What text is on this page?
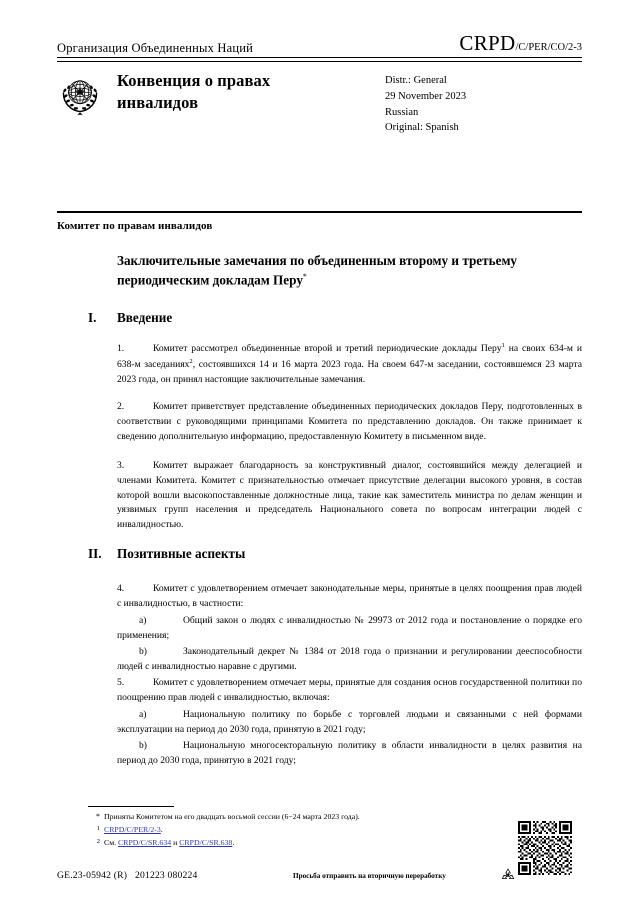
Организация Объединенных Наций	CRPD /C/PER/CO/2-3
Конвенция о правах инвалидов
Distr.: General
29 November 2023
Russian
Original: Spanish
Комитет по правам инвалидов
Заключительные замечания по объединенным второму и третьему периодическим докладам Перу*
I.	Введение
1.	Комитет рассмотрел объединенные второй и третий периодические доклады Перу$^1$ на своих 634-м и 638-м заседаниях$^2$, состоявшихся 14 и 16 марта 2023 года. На своем 647-м заседании, состоявшемся 23 марта 2023 года, он принял настоящие заключительные замечания.
2.	Комитет приветствует представление объединенных периодических докладов Перу, подготовленных в соответствии с руководящими принципами Комитета по представлению докладов. Он также принимает к сведению дополнительную информацию, предоставленную Комитету в письменном виде.
3.	Комитет выражает благодарность за конструктивный диалог, состоявшийся между делегацией и членами Комитета. Комитет с признательностью отмечает присутствие делегации высокого уровня, в состав которой вошли высокопоставленные должностные лица, такие как заместитель министра по делам женщин и уязвимых групп населения и председатель Национального совета по вопросам интеграции людей с инвалидностью.
II.	Позитивные аспекты
4.	Комитет с удовлетворением отмечает законодательные меры, принятые в целях поощрения прав людей с инвалидностью, в частности:
a)	Общий закон о людях с инвалидностью № 29973 от 2012 года и постановление о порядке его применения;
b)	Законодательный декрет № 1384 от 2018 года о признании и регулировании дееспособности людей с инвалидностью наравне с другими.
5.	Комитет с удовлетворением отмечает меры, принятые для создания основ государственной политики по поощрению прав людей с инвалидностью, включая:
a)	Национальную политику по борьбе с торговлей людьми и связанными с ней формами эксплуатации на период до 2030 года, принятую в 2021 году;
b)	Национальную многосекторальную политику в области инвалидности в целях развития на период до 2030 года, принятую в 2021 году;
* Приняты Комитетом на его двадцать восьмой сессии (6−24 марта 2023 года).
1 CRPD/C/PER/2-3.
2 См. CRPD/C/SR.634 и CRPD/C/SR.638.
GE.23-05942 (R) 201223 080224	Просьба отправить на вторичную переработку
